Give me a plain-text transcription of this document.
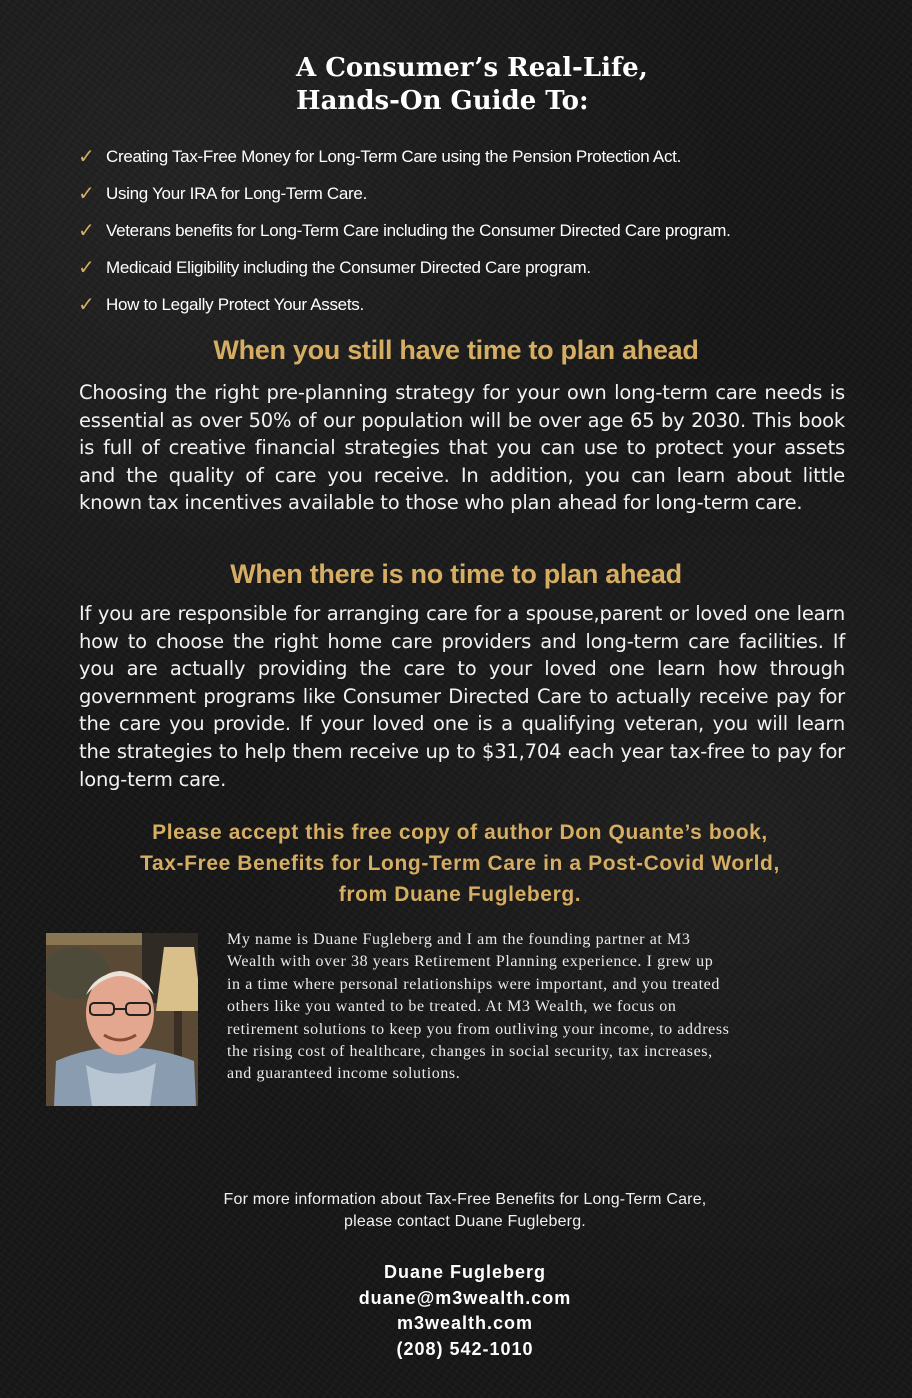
A Consumer’s Real-Life,
Hands-On Guide To:
✓ Creating Tax-Free Money for Long-Term Care using the Pension Protection Act.
✓ Using Your IRA for Long-Term Care.
✓ Veterans benefits for Long-Term Care including the Consumer Directed Care program.
✓ Medicaid Eligibility including the Consumer Directed Care program.
✓ How to Legally Protect Your Assets.
When you still have time to plan ahead
Choosing the right pre-planning strategy for your own long-term care needs is essential as over 50% of our population will be over age 65 by 2030. This book is full of creative financial strategies that you can use to protect your assets and the quality of care you receive. In addition, you can learn about little known tax incentives available to those who plan ahead for long-term care.
When there is no time to plan ahead
If you are responsible for arranging care for a spouse,parent or loved one learn how to choose the right home care providers and long-term care facilities. If you are actually providing the care to your loved one learn how through government programs like Consumer Directed Care to actually receive pay for the care you provide. If your loved one is a qualifying veteran, you will learn the strategies to help them receive up to $31,704 each year tax-free to pay for long-term care.
Please accept this free copy of author Don Quante’s book,
Tax-Free Benefits for Long-Term Care in a Post-Covid World,
from Duane Fugleberg.
My name is Duane Fugleberg and I am the founding partner at M3
Wealth with over 38 years Retirement Planning experience. I grew up
in a time where personal relationships were important, and you treated
others like you wanted to be treated. At M3 Wealth, we focus on
retirement solutions to keep you from outliving your income, to address
the rising cost of healthcare, changes in social security, tax increases,
and guaranteed income solutions.
For more information about Tax-Free Benefits for Long-Term Care,
please contact Duane Fugleberg.
Duane Fugleberg
duane@m3wealth.com
m3wealth.com
(208) 542-1010
